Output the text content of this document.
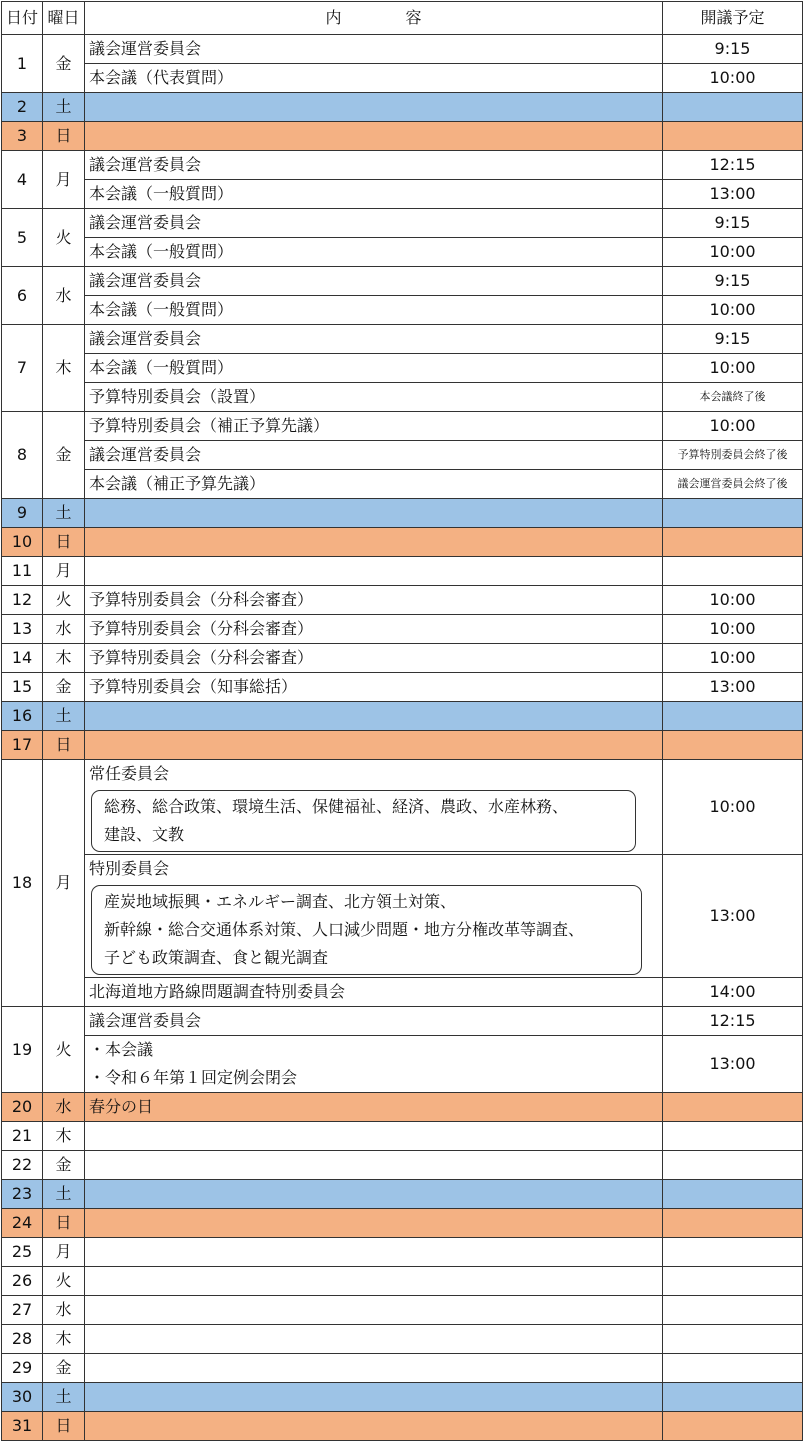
日付	曜日	内　　　　容	開議予定
1	金	議会運営委員会	9:15
		本会議（代表質問）	10:00
2	土		
3	日		
4	月	議会運営委員会	12:15
		本会議（一般質問）	13:00
5	火	議会運営委員会	9:15
		本会議（一般質問）	10:00
6	水	議会運営委員会	9:15
		本会議（一般質問）	10:00
7	木	議会運営委員会	9:15
		本会議（一般質問）	10:00
		予算特別委員会（設置）	本会議終了後
8	金	予算特別委員会（補正予算先議）	10:00
		議会運営委員会	予算特別委員会終了後
		本会議（補正予算先議）	議会運営委員会終了後
9	土		
10	日		
11	月		
12	火	予算特別委員会（分科会審査）	10:00
13	水	予算特別委員会（分科会審査）	10:00
14	木	予算特別委員会（分科会審査）	10:00
15	金	予算特別委員会（知事総括）	13:00
16	土		
17	日		
18	月	常任委員会
総務、総合政策、環境生活、保健福祉、経済、農政、水産林務、
建設、文教	10:00

		特別委員会
産炭地域振興・エネルギー調査、北方領土対策、
新幹線・総合交通体系対策、人口減少問題・地方分権改革等調査、
子ども政策調査、食と観光調査	13:00
		北海道地方路線問題調査特別委員会	14:00
19	火	議会運営委員会	12:15

		・本会議
・令和６年第１回定例会閉会	13:00
20	水	春分の日	
21	木		
22	金		
23	土		
24	日		
25	月		
26	火		
27	水		
28	木		
29	金		
30	土		
31	日		
